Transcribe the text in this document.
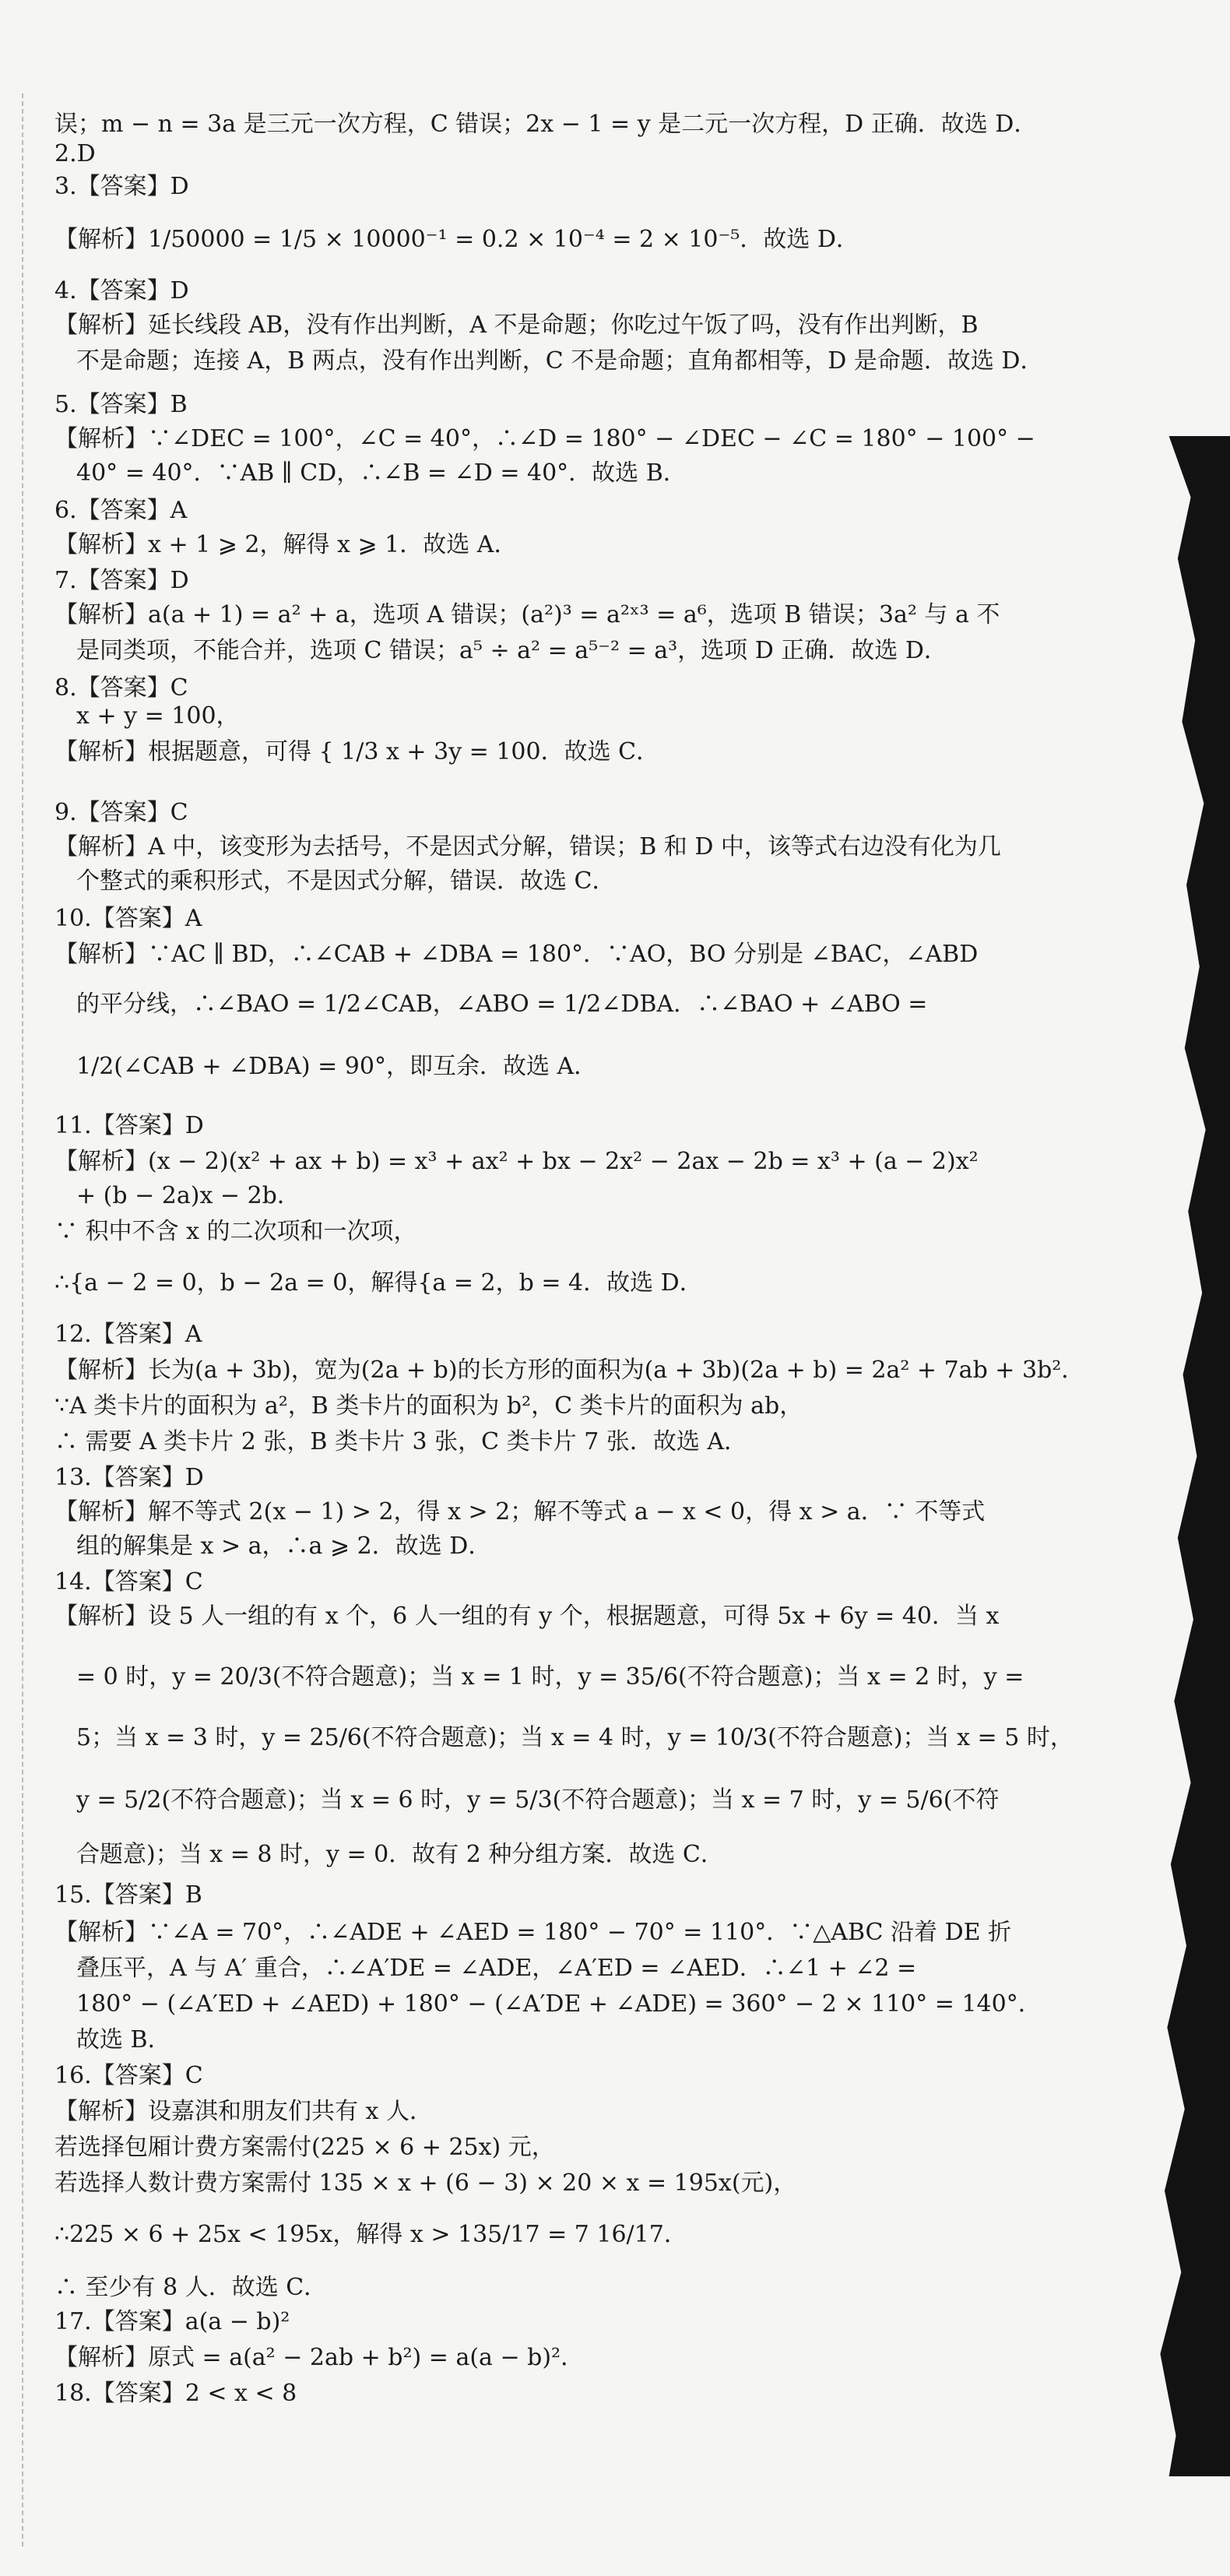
误；m − n = 3a 是三元一次方程，C 错误；2x − 1 = y 是二元一次方程，D 正确．故选 D．
2.D
3.【答案】D
【解析】1/50000 = 1/5 × 10000⁻¹ = 0.2 × 10⁻⁴ = 2 × 10⁻⁵．故选 D．
4.【答案】D
【解析】延长线段 AB，没有作出判断，A 不是命题；你吃过午饭了吗，没有作出判断，B
不是命题；连接 A，B 两点，没有作出判断，C 不是命题；直角都相等，D 是命题．故选 D．
5.【答案】B
【解析】∵∠DEC = 100°，∠C = 40°，∴∠D = 180° − ∠DEC − ∠C = 180° − 100° −
40° = 40°．∵AB ∥ CD，∴∠B = ∠D = 40°．故选 B．
6.【答案】A
【解析】x + 1 ⩾ 2，解得 x ⩾ 1．故选 A．
7.【答案】D
【解析】a(a + 1) = a² + a，选项 A 错误；(a²)³ = a²ˣ³ = a⁶，选项 B 错误；3a² 与 a 不
是同类项，不能合并，选项 C 错误；a⁵ ÷ a² = a⁵⁻² = a³，选项 D 正确．故选 D．
8.【答案】C
x + y = 100，
【解析】根据题意，可得 { 1/3 x + 3y = 100．故选 C．
9.【答案】C
【解析】A 中，该变形为去括号，不是因式分解，错误；B 和 D 中，该等式右边没有化为几
个整式的乘积形式，不是因式分解，错误．故选 C．
10.【答案】A
【解析】∵AC ∥ BD，∴∠CAB + ∠DBA = 180°．∵AO，BO 分别是 ∠BAC，∠ABD
的平分线，∴∠BAO = 1/2∠CAB，∠ABO = 1/2∠DBA．∴∠BAO + ∠ABO =
1/2(∠CAB + ∠DBA) = 90°，即互余．故选 A．
11.【答案】D
【解析】(x − 2)(x² + ax + b) = x³ + ax² + bx − 2x² − 2ax − 2b = x³ + (a − 2)x²
+ (b − 2a)x − 2b．
∵ 积中不含 x 的二次项和一次项，
∴{a − 2 = 0，b − 2a = 0，解得{a = 2，b = 4．故选 D．
12.【答案】A
【解析】长为(a + 3b)，宽为(2a + b)的长方形的面积为(a + 3b)(2a + b) = 2a² + 7ab + 3b²．
∵A 类卡片的面积为 a²，B 类卡片的面积为 b²，C 类卡片的面积为 ab，
∴ 需要 A 类卡片 2 张，B 类卡片 3 张，C 类卡片 7 张．故选 A．
13.【答案】D
【解析】解不等式 2(x − 1) > 2，得 x > 2；解不等式 a − x < 0，得 x > a．∵ 不等式
组的解集是 x > a，∴a ⩾ 2．故选 D．
14.【答案】C
【解析】设 5 人一组的有 x 个，6 人一组的有 y 个，根据题意，可得 5x + 6y = 40．当 x
= 0 时，y = 20/3(不符合题意)；当 x = 1 时，y = 35/6(不符合题意)；当 x = 2 时，y =
5；当 x = 3 时，y = 25/6(不符合题意)；当 x = 4 时，y = 10/3(不符合题意)；当 x = 5 时，
y = 5/2(不符合题意)；当 x = 6 时，y = 5/3(不符合题意)；当 x = 7 时，y = 5/6(不符
合题意)；当 x = 8 时，y = 0．故有 2 种分组方案．故选 C．
15.【答案】B
【解析】∵∠A = 70°，∴∠ADE + ∠AED = 180° − 70° = 110°．∵△ABC 沿着 DE 折
叠压平，A 与 A′ 重合，∴∠A′DE = ∠ADE，∠A′ED = ∠AED．∴∠1 + ∠2 =
180° − (∠A′ED + ∠AED) + 180° − (∠A′DE + ∠ADE) = 360° − 2 × 110° = 140°．
故选 B．
16.【答案】C
【解析】设嘉淇和朋友们共有 x 人．
若选择包厢计费方案需付(225 × 6 + 25x) 元，
若选择人数计费方案需付 135 × x + (6 − 3) × 20 × x = 195x(元)，
∴225 × 6 + 25x < 195x，解得 x > 135/17 = 7 16/17．
∴ 至少有 8 人．故选 C．
17.【答案】a(a − b)²
【解析】原式 = a(a² − 2ab + b²) = a(a − b)²．
18.【答案】2 < x < 8
